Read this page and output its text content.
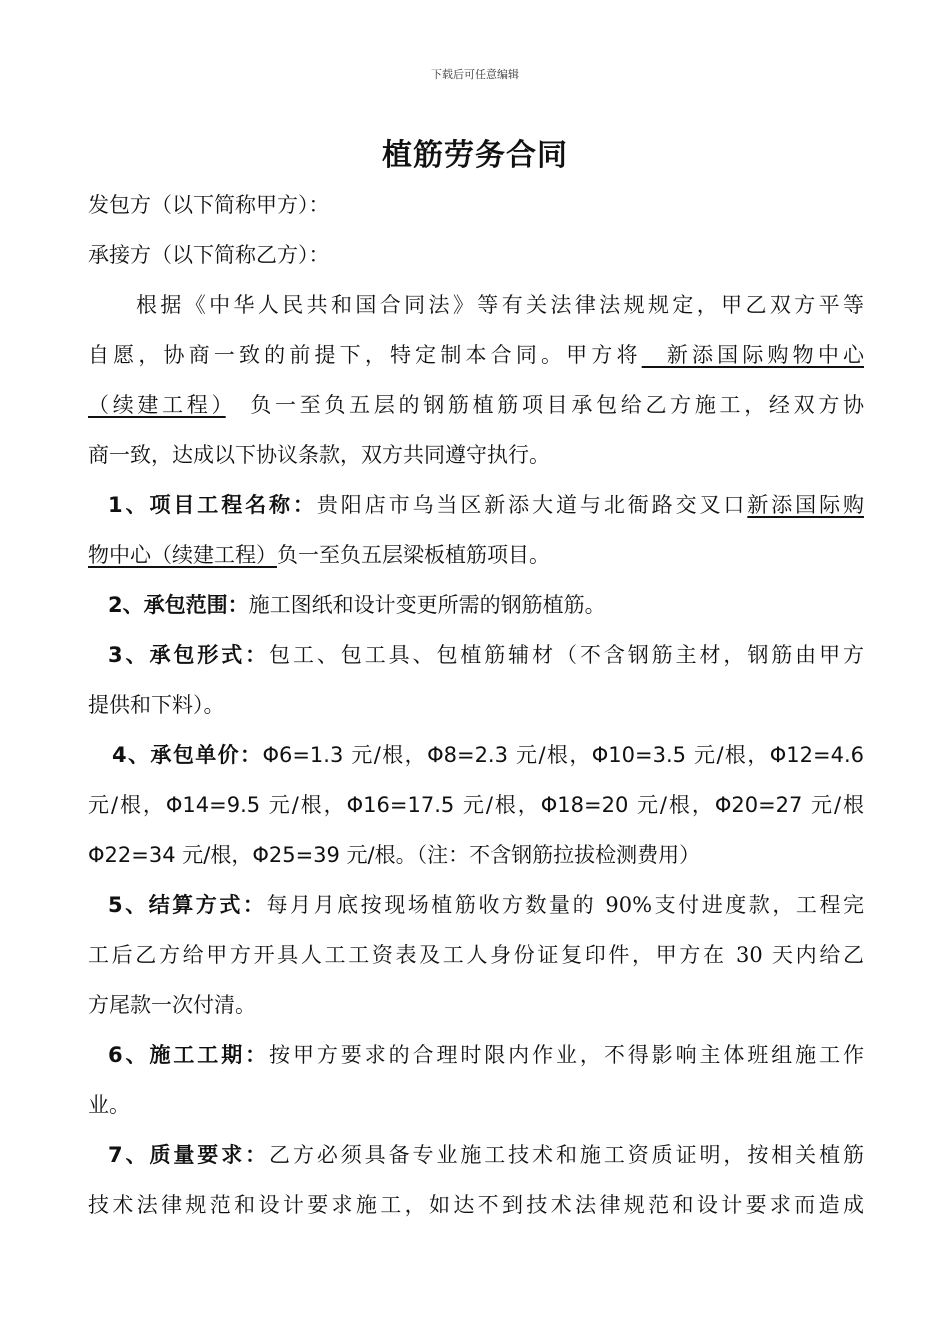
下载后可任意编辑
植筋劳务合同
发包方（以下简称甲方）：
承接方（以下简称乙方）：
根据《中华人民共和国合同法》等有关法律法规规定，甲乙双方平等
自愿，协商一致的前提下，特定制本合同。甲方将　新添国际购物中心
（续建工程）　负一至负五层的钢筋植筋项目承包给乙方施工，经双方协
商一致，达成以下协议条款，双方共同遵守执行。
1、项目工程名称：贵阳店市乌当区新添大道与北衙路交叉口新添国际购
物中心（续建工程）负一至负五层梁板植筋项目。
2、承包范围：施工图纸和设计变更所需的钢筋植筋。
3、承包形式：包工、包工具、包植筋辅材（不含钢筋主材，钢筋由甲方
提供和下料）。
4、承包单价：Φ6=1.3 元/根，Φ8=2.3 元/根，Φ10=3.5 元/根，Φ12=4.6
元/根，Φ14=9.5 元/根，Φ16=17.5 元/根，Φ18=20 元/根，Φ20=27 元/根
Φ22=34 元/根，Φ25=39 元/根。（注：不含钢筋拉拔检测费用）
5、结算方式：每月月底按现场植筋收方数量的 90%支付进度款，工程完
工后乙方给甲方开具人工工资表及工人身份证复印件，甲方在 30 天内给乙
方尾款一次付清。
6、施工工期：按甲方要求的合理时限内作业，不得影响主体班组施工作
业。
7、质量要求：乙方必须具备专业施工技术和施工资质证明，按相关植筋
技术法律规范和设计要求施工，如达不到技术法律规范和设计要求而造成
